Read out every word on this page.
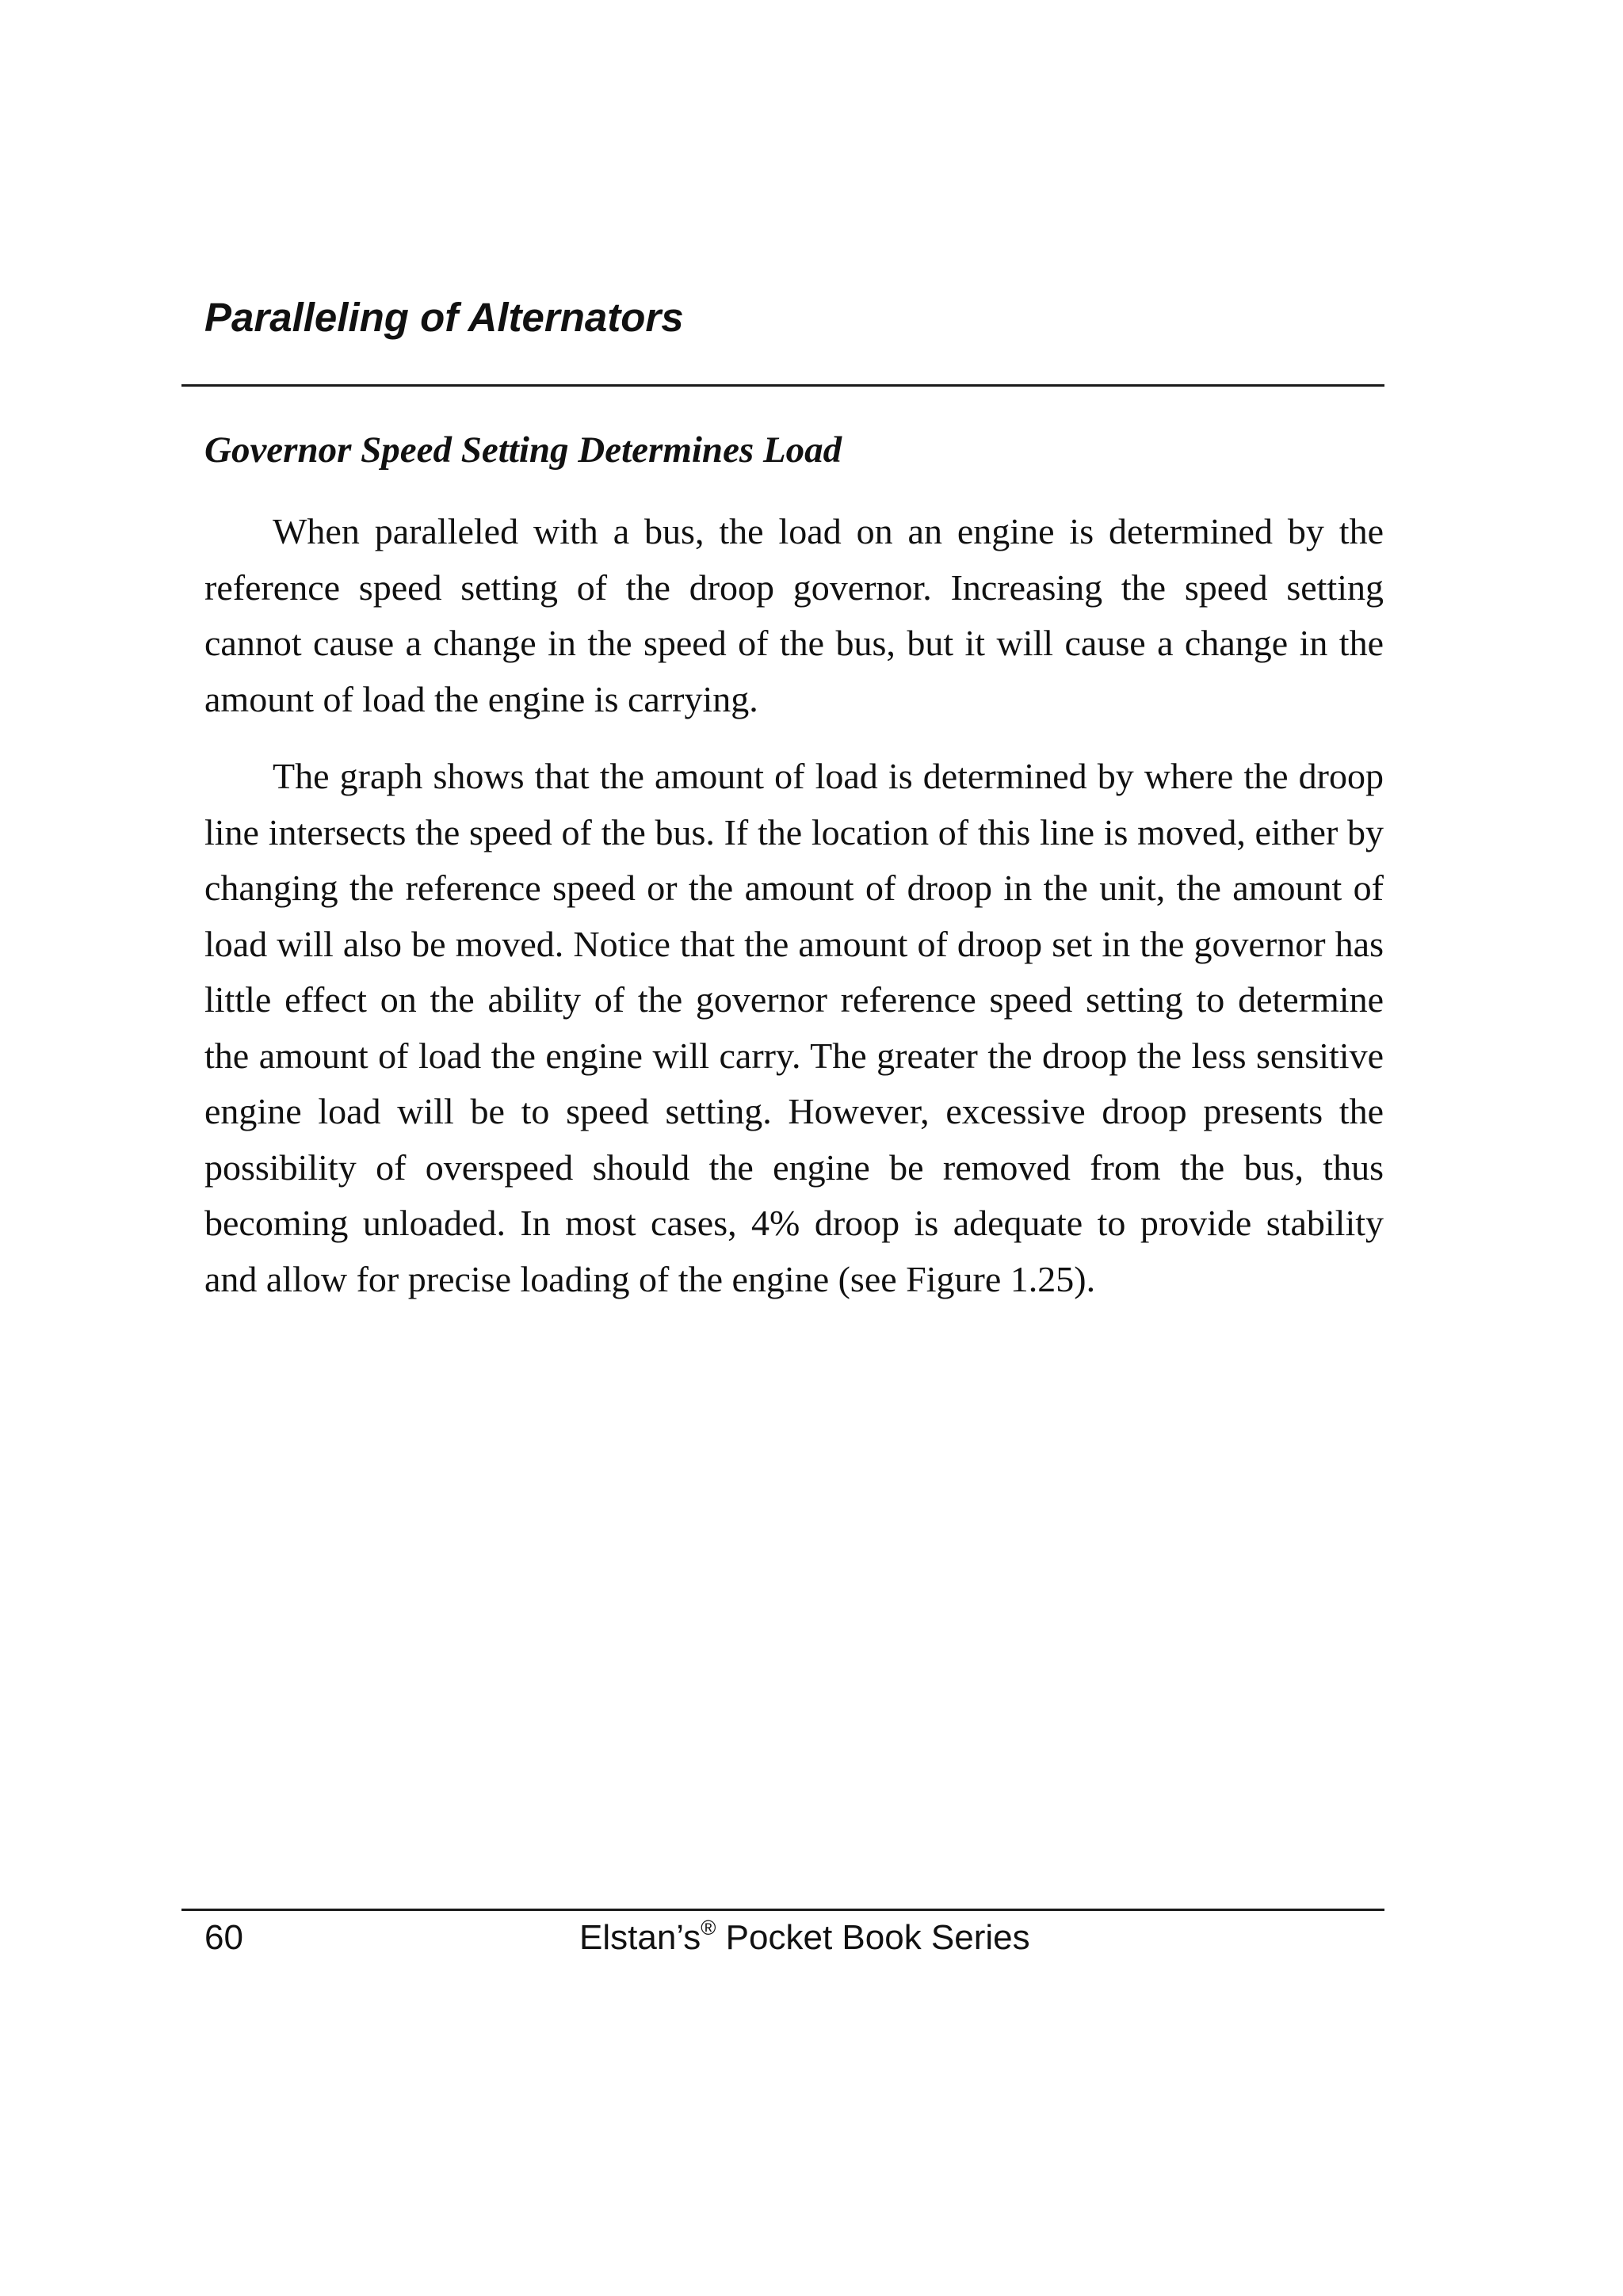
Paralleling of Alternators
Governor Speed Setting Determines Load

When paralleled with a bus, the load on an engine is determined by the reference speed setting of the droop governor. Increasing the speed setting cannot cause a change in the speed of the bus, but it will cause a change in the amount of load the engine is carrying.

The graph shows that the amount of load is determined by where the droop line intersects the speed of the bus. If the location of this line is moved, either by changing the reference speed or the amount of droop in the unit, the amount of load will also be moved. Notice that the amount of droop set in the governor has little effect on the ability of the governor reference speed setting to determine the amount of load the engine will carry. The greater the droop the less sensitive engine load will be to speed setting. However, excessive droop presents the possibility of overspeed should the engine be removed from the bus, thus becoming unloaded. In most cases, 4% droop is adequate to provide stability and allow for precise loading of the engine (see Figure 1.25).

60	Elstan’s® Pocket Book Series
